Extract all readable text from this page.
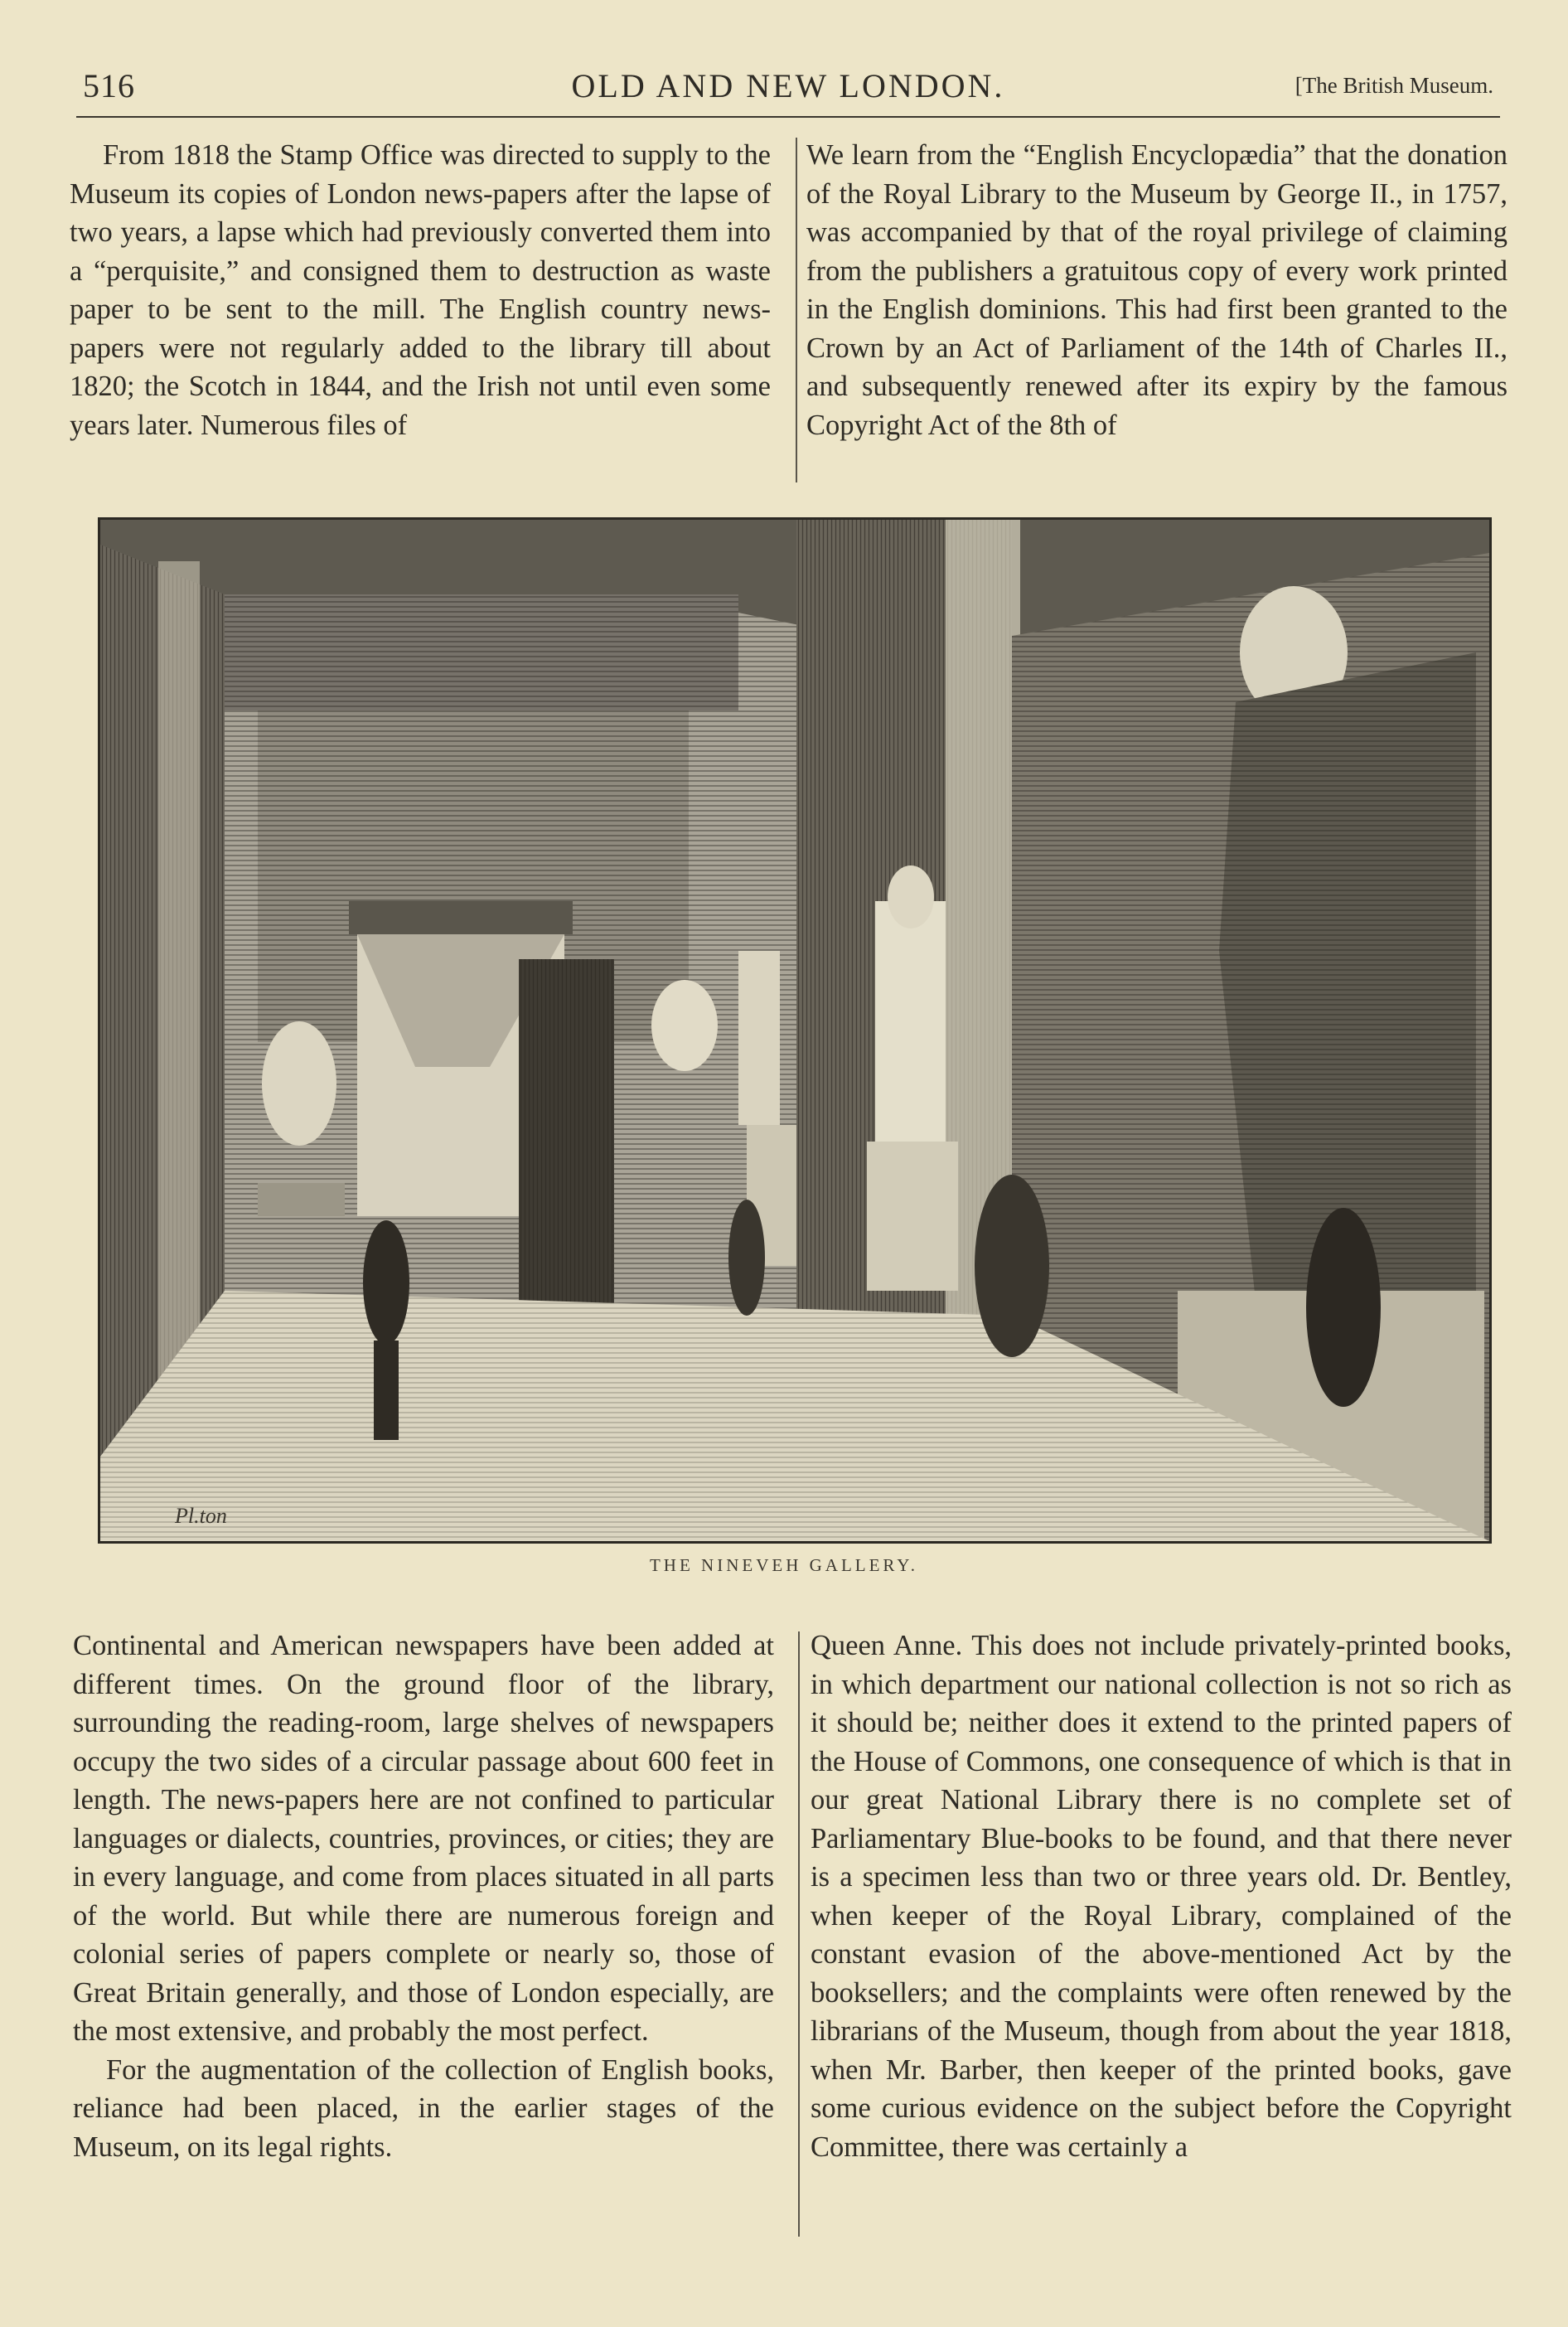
516	OLD AND NEW LONDON.	[The British Museum.

From 1818 the Stamp Office was directed to supply to the Museum its copies of London news-papers after the lapse of two years, a lapse which had previously converted them into a “perquisite,” and consigned them to destruction as waste paper to be sent to the mill. The English country news-papers were not regularly added to the library till about 1820; the Scotch in 1844, and the Irish not until even some years later. Numerous files of

We learn from the “English Encyclopædia” that the donation of the Royal Library to the Museum by George II., in 1757, was accompanied by that of the royal privilege of claiming from the publishers a gratuitous copy of every work printed in the English dominions. This had first been granted to the Crown by an Act of Parliament of the 14th of Charles II., and subsequently renewed after its expiry by the famous Copyright Act of the 8th of

Pl.ton
THE NINEVEH GALLERY.

Continental and American newspapers have been added at different times. On the ground floor of the library, surrounding the reading-room, large shelves of newspapers occupy the two sides of a circular passage about 600 feet in length. The news-papers here are not confined to particular languages or dialects, countries, provinces, or cities; they are in every language, and come from places situated in all parts of the world. But while there are numerous foreign and colonial series of papers complete or nearly so, those of Great Britain generally, and those of London especially, are the most extensive, and probably the most perfect.

For the augmentation of the collection of English books, reliance had been placed, in the earlier stages of the Museum, on its legal rights.

Queen Anne. This does not include privately-printed books, in which department our national collection is not so rich as it should be; neither does it extend to the printed papers of the House of Commons, one consequence of which is that in our great National Library there is no complete set of Parliamentary Blue-books to be found, and that there never is a specimen less than two or three years old. Dr. Bentley, when keeper of the Royal Library, complained of the constant evasion of the above-mentioned Act by the booksellers; and the complaints were often renewed by the librarians of the Museum, though from about the year 1818, when Mr. Barber, then keeper of the printed books, gave some curious evidence on the subject before the Copyright Committee, there was certainly a
